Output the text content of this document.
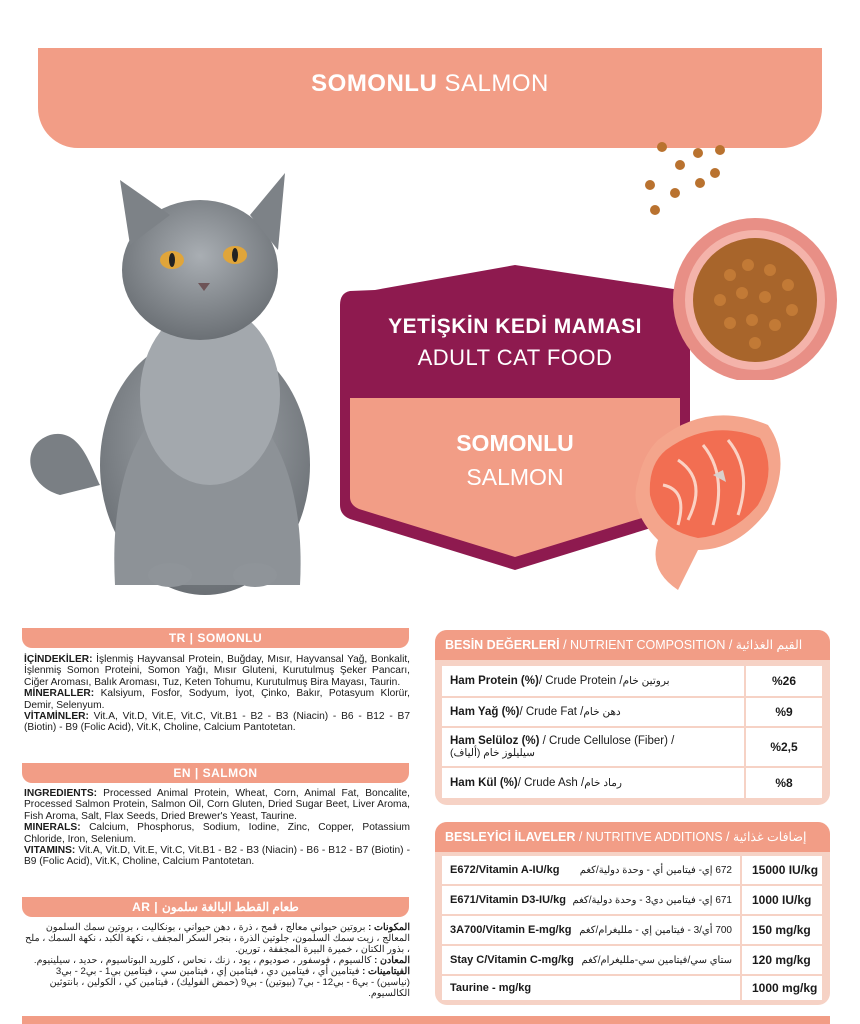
SOMONLU SALMON
YETİŞKİN KEDİ MAMASI
ADULT CAT FOOD
SOMONLU
SALMON
TR | SOMONLU

İÇİNDEKİLER: İşlenmiş Hayvansal Protein, Buğday, Mısır, Hayvansal Yağ, Bonkalit, İşlenmiş Somon Proteini, Somon Yağı, Mısır Gluteni, Kurutulmuş Şeker Pancarı, Ciğer Aroması, Balık Aroması, Tuz, Keten Tohumu, Kurutulmuş Bira Mayası, Taurin.

MİNERALLER: Kalsiyum, Fosfor, Sodyum, İyot, Çinko, Bakır, Potasyum Klorür, Demir, Selenyum.

VİTAMİNLER: Vit.A, Vit.D, Vit.E, Vit.C, Vit.B1 - B2 - B3 (Niacin) - B6 - B12 - B7 (Biotin) - B9 (Folic Acid), Vit.K, Choline, Calcium Pantotetan.

EN | SALMON

INGREDIENTS: Processed Animal Protein, Wheat, Corn, Animal Fat, Boncalite, Processed Salmon Protein, Salmon Oil, Corn Gluten, Dried Sugar Beet, Liver Aroma, Fish Aroma, Salt, Flax Seeds, Dried Brewer's Yeast, Taurine.

MINERALS: Calcium, Phosphorus, Sodium, Iodine, Zinc, Copper, Potassium Chloride, Iron, Selenium.

VITAMINS: Vit.A, Vit.D, Vit.E, Vit.C, Vit.B1 - B2 - B3 (Niacin) - B6 - B12 - B7 (Biotin) - B9 (Folic Acid), Vit.K, Choline, Calcium Pantotetan.

AR | طعام القطط البالغة سلمون

المكونات : بروتين حيواني معالج ، قمح ، ذرة ، دهن حيواني ، بونكاليت ، بروتين سمك السلمون المعالج ، زيت سمك السلمون، جلوتين الذرة ، بنجر السكر المجفف ، نكهة الكبد ، نكهة السمك ، ملح ، بذور الكتان ، خميرة البيرة المجففة ، تورين.

المعادن : كالسيوم ، فوسفور ، صوديوم ، يود ، زنك ، نحاس ، كلوريد البوتاسيوم ، حديد ، سيلينيوم.

الفيتامينات : فيتامين أي ، فيتامين دي ، فيتامين إي ، فيتامين سي ، فيتامين بي1 - بي2 - بي3 (نياسين) - بي6 - بي12 - بي7 (بيوتين) - بي9 (حمض الفوليك) ، فيتامين كي ، الكولين ، بانتوثين الكالسيوم.

BESİN DEĞERLERİ / NUTRIENT COMPOSITION / القيم الغذائية
Ham Protein (%) / Crude Protein / بروتين خام	%26
Ham Yağ (%) / Crude Fat / دهن خام	%9
Ham Selüloz (%) / Crude Cellulose (Fiber) /
سيليلوز خام (ألياف)	%2,5
Ham Kül (%) / Crude Ash / رماد خام	%8
BESLEYİCİ İLAVELER / NUTRITIVE ADDITIONS / إضافات غذائية
E672/Vitamin A-IU/kg 672 إي- فيتامين أي - وحدة دولية/كغم	15000 IU/kg
E671/Vitamin D3-IU/kg 671 إي- فيتامين دي3 - وحدة دولية/كغم	1000 IU/kg
3A700/Vitamin E-mg/kg 700 أي/3 - فيتامين إي - ملليغرام/كغم	150 mg/kg
Stay C/Vitamin C-mg/kg ستاي سي/فيتامين سي-ملليغرام/كغم	120 mg/kg
Taurine - mg/kg	1000 mg/kg
